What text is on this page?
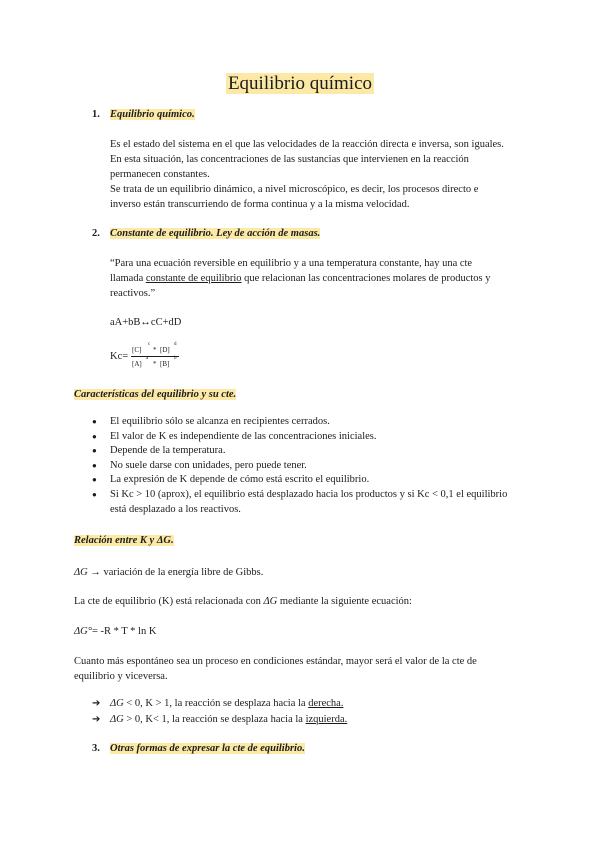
Equilibrio químico
1. Equilibrio químico.
Es el estado del sistema en el que las velocidades de la reacción directa e inversa, son iguales.
En esta situación, las concentraciones de las sustancias que intervienen en la reacción
permanecen constantes.
Se trata de un equilibrio dinámico, a nivel microscópico, es decir, los procesos directo e
inverso están transcurriendo de forma continua y a la misma velocidad.
2. Constante de equilibrio. Ley de acción de masas.
“Para una ecuación reversible en equilibrio y a una temperatura constante, hay una cte
llamada constante de equilibrio que relacionan las concentraciones molares de productos y
reactivos.”
aA+bB↔cC+dD
Kc=
[C]
c
* [D]
d
[A]
a
* [B]
b
Características del equilibrio y su cte.
● El equilibrio sólo se alcanza en recipientes cerrados.
● El valor de K es independiente de las concentraciones iniciales.
● Depende de la temperatura.
● No suele darse con unidades, pero puede tener.
● La expresión de K depende de cómo está escrito el equilibrio.
● Si Kc > 10 (aprox), el equilibrio está desplazado hacia los productos y si Kc < 0,1 el equilibrio está desplazado a los reactivos.
Relación entre K y ΔG.
ΔG → variación de la energía libre de Gibbs.
La cte de equilibrio (K) está relacionada con ΔG mediante la siguiente ecuación:
ΔG°= -R * T * ln K
Cuanto más espontáneo sea un proceso en condiciones estándar, mayor será el valor de la cte de
equilibrio y viceversa.
➔ ΔG < 0, K > 1, la reacción se desplaza hacia la derecha.
➔ ΔG > 0, K< 1, la reacción se desplaza hacia la izquierda.
3. Otras formas de expresar la cte de equilibrio.
